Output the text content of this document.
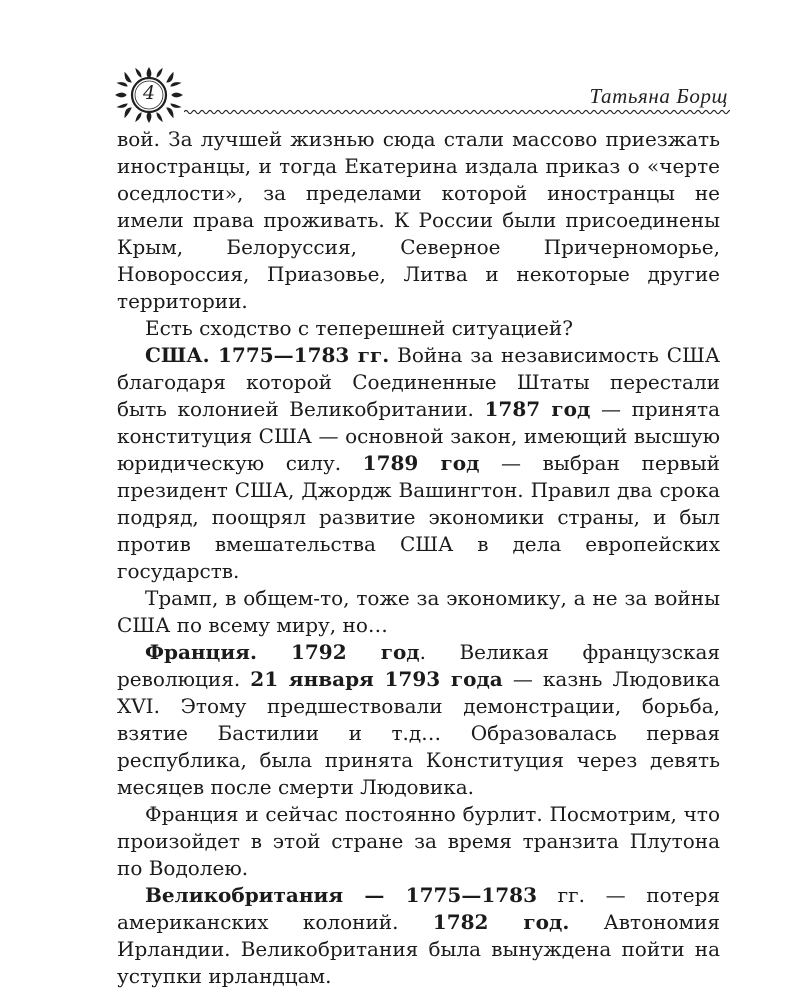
4	Татьяна Борщ

вой. За лучшей жизнью сюда стали массово приезжать иностранцы, и тогда Екатерина издала приказ о «черте оседлости», за пределами которой иностранцы не имели права проживать. К России были присоединены Крым, Белоруссия, Северное Причерноморье, Новороссия, Приазовье, Литва и некоторые другие территории.

Есть сходство с теперешней ситуацией?

США. 1775—1783 гг. Война за независимость США благодаря которой Соединенные Штаты перестали быть колонией Великобритании. 1787 год — принята конституция США — основной закон, имеющий высшую юридическую силу. 1789 год — выбран первый президент США, Джордж Вашингтон. Правил два срока подряд, поощрял развитие экономики страны, и был против вмешательства США в дела европейских государств.

Трамп, в общем-то, тоже за экономику, а не за войны США по всему миру, но…

Франция. 1792 год. Великая французская революция. 21 января 1793 года — казнь Людовика XVI. Этому предшествовали демонстрации, борьба, взятие Бастилии и т.д… Образовалась первая республика, была принята Конституция через девять месяцев после смерти Людовика.

Франция и сейчас постоянно бурлит. Посмотрим, что произойдет в этой стране за время транзита Плутона по Водолею.

Великобритания — 1775—1783 гг. — потеря американских колоний. 1782 год. Автономия Ирландии. Великобритания была вынуждена пойти на уступки ирландцам.
